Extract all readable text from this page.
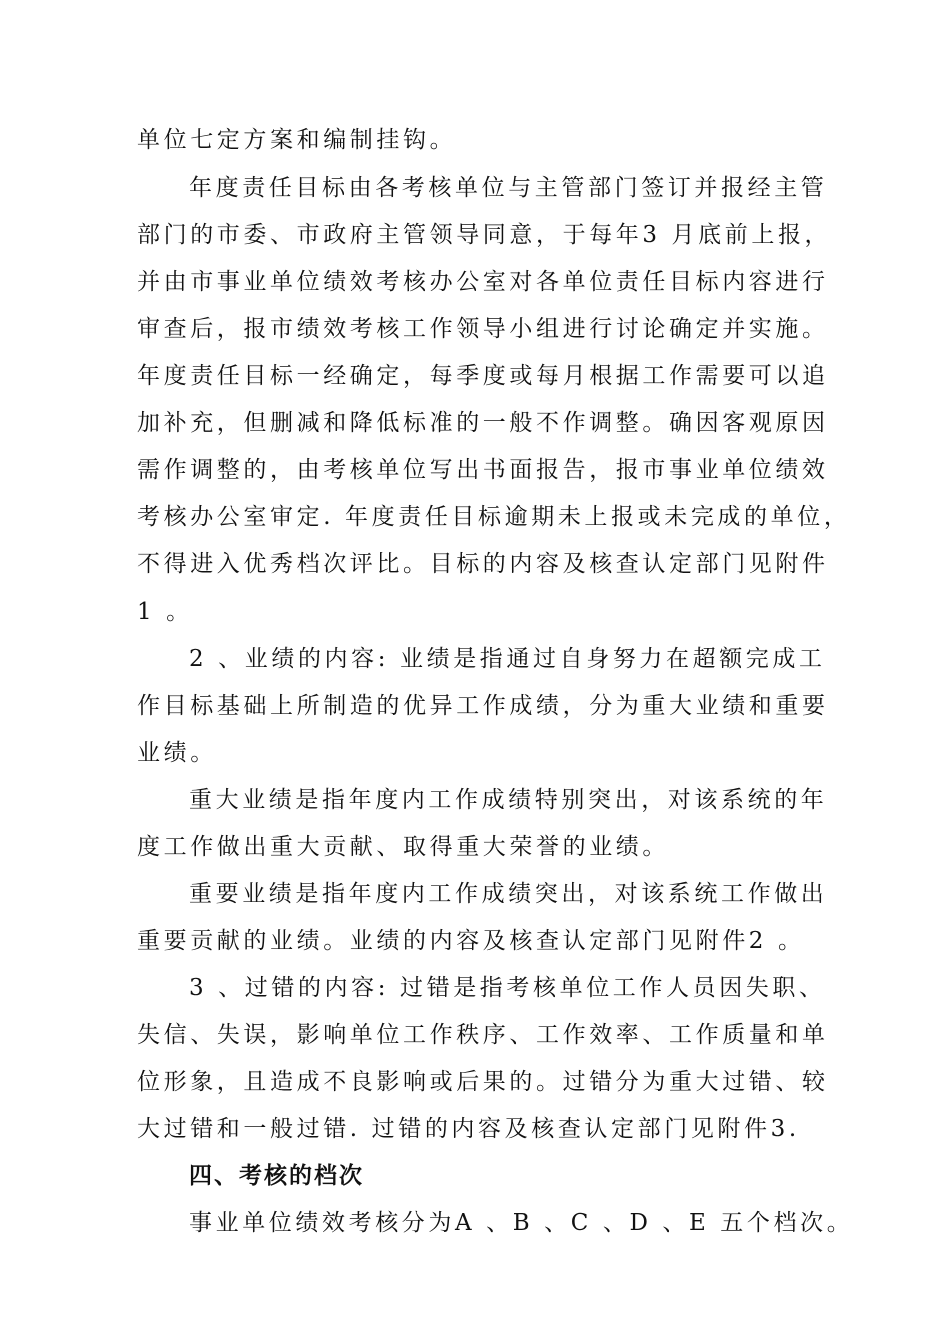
单位七定方案和编制挂钩。
年度责任目标由各考核单位与主管部门签订并报经主管
部门的市委、市政府主管领导同意，于每年3 月底前上报，
并由市事业单位绩效考核办公室对各单位责任目标内容进行
审查后，报市绩效考核工作领导小组进行讨论确定并实施。
年度责任目标一经确定，每季度或每月根据工作需要可以追
加补充，但删减和降低标准的一般不作调整。确因客观原因
需作调整的，由考核单位写出书面报告，报市事业单位绩效
考核办公室审定. 年度责任目标逾期未上报或未完成的单位，
不得进入优秀档次评比。目标的内容及核查认定部门见附件
1 。
2 、业绩的内容: 业绩是指通过自身努力在超额完成工
作目标基础上所制造的优异工作成绩，分为重大业绩和重要
业绩。
重大业绩是指年度内工作成绩特别突出，对该系统的年
度工作做出重大贡献、取得重大荣誉的业绩。
重要业绩是指年度内工作成绩突出，对该系统工作做出
重要贡献的业绩。业绩的内容及核查认定部门见附件2 。
3 、过错的内容: 过错是指考核单位工作人员因失职、
失信、失误，影响单位工作秩序、工作效率、工作质量和单
位形象，且造成不良影响或后果的。过错分为重大过错、较
大过错和一般过错. 过错的内容及核查认定部门见附件3.
四、考核的档次
事业单位绩效考核分为A 、B 、C 、D 、E 五个档次。
